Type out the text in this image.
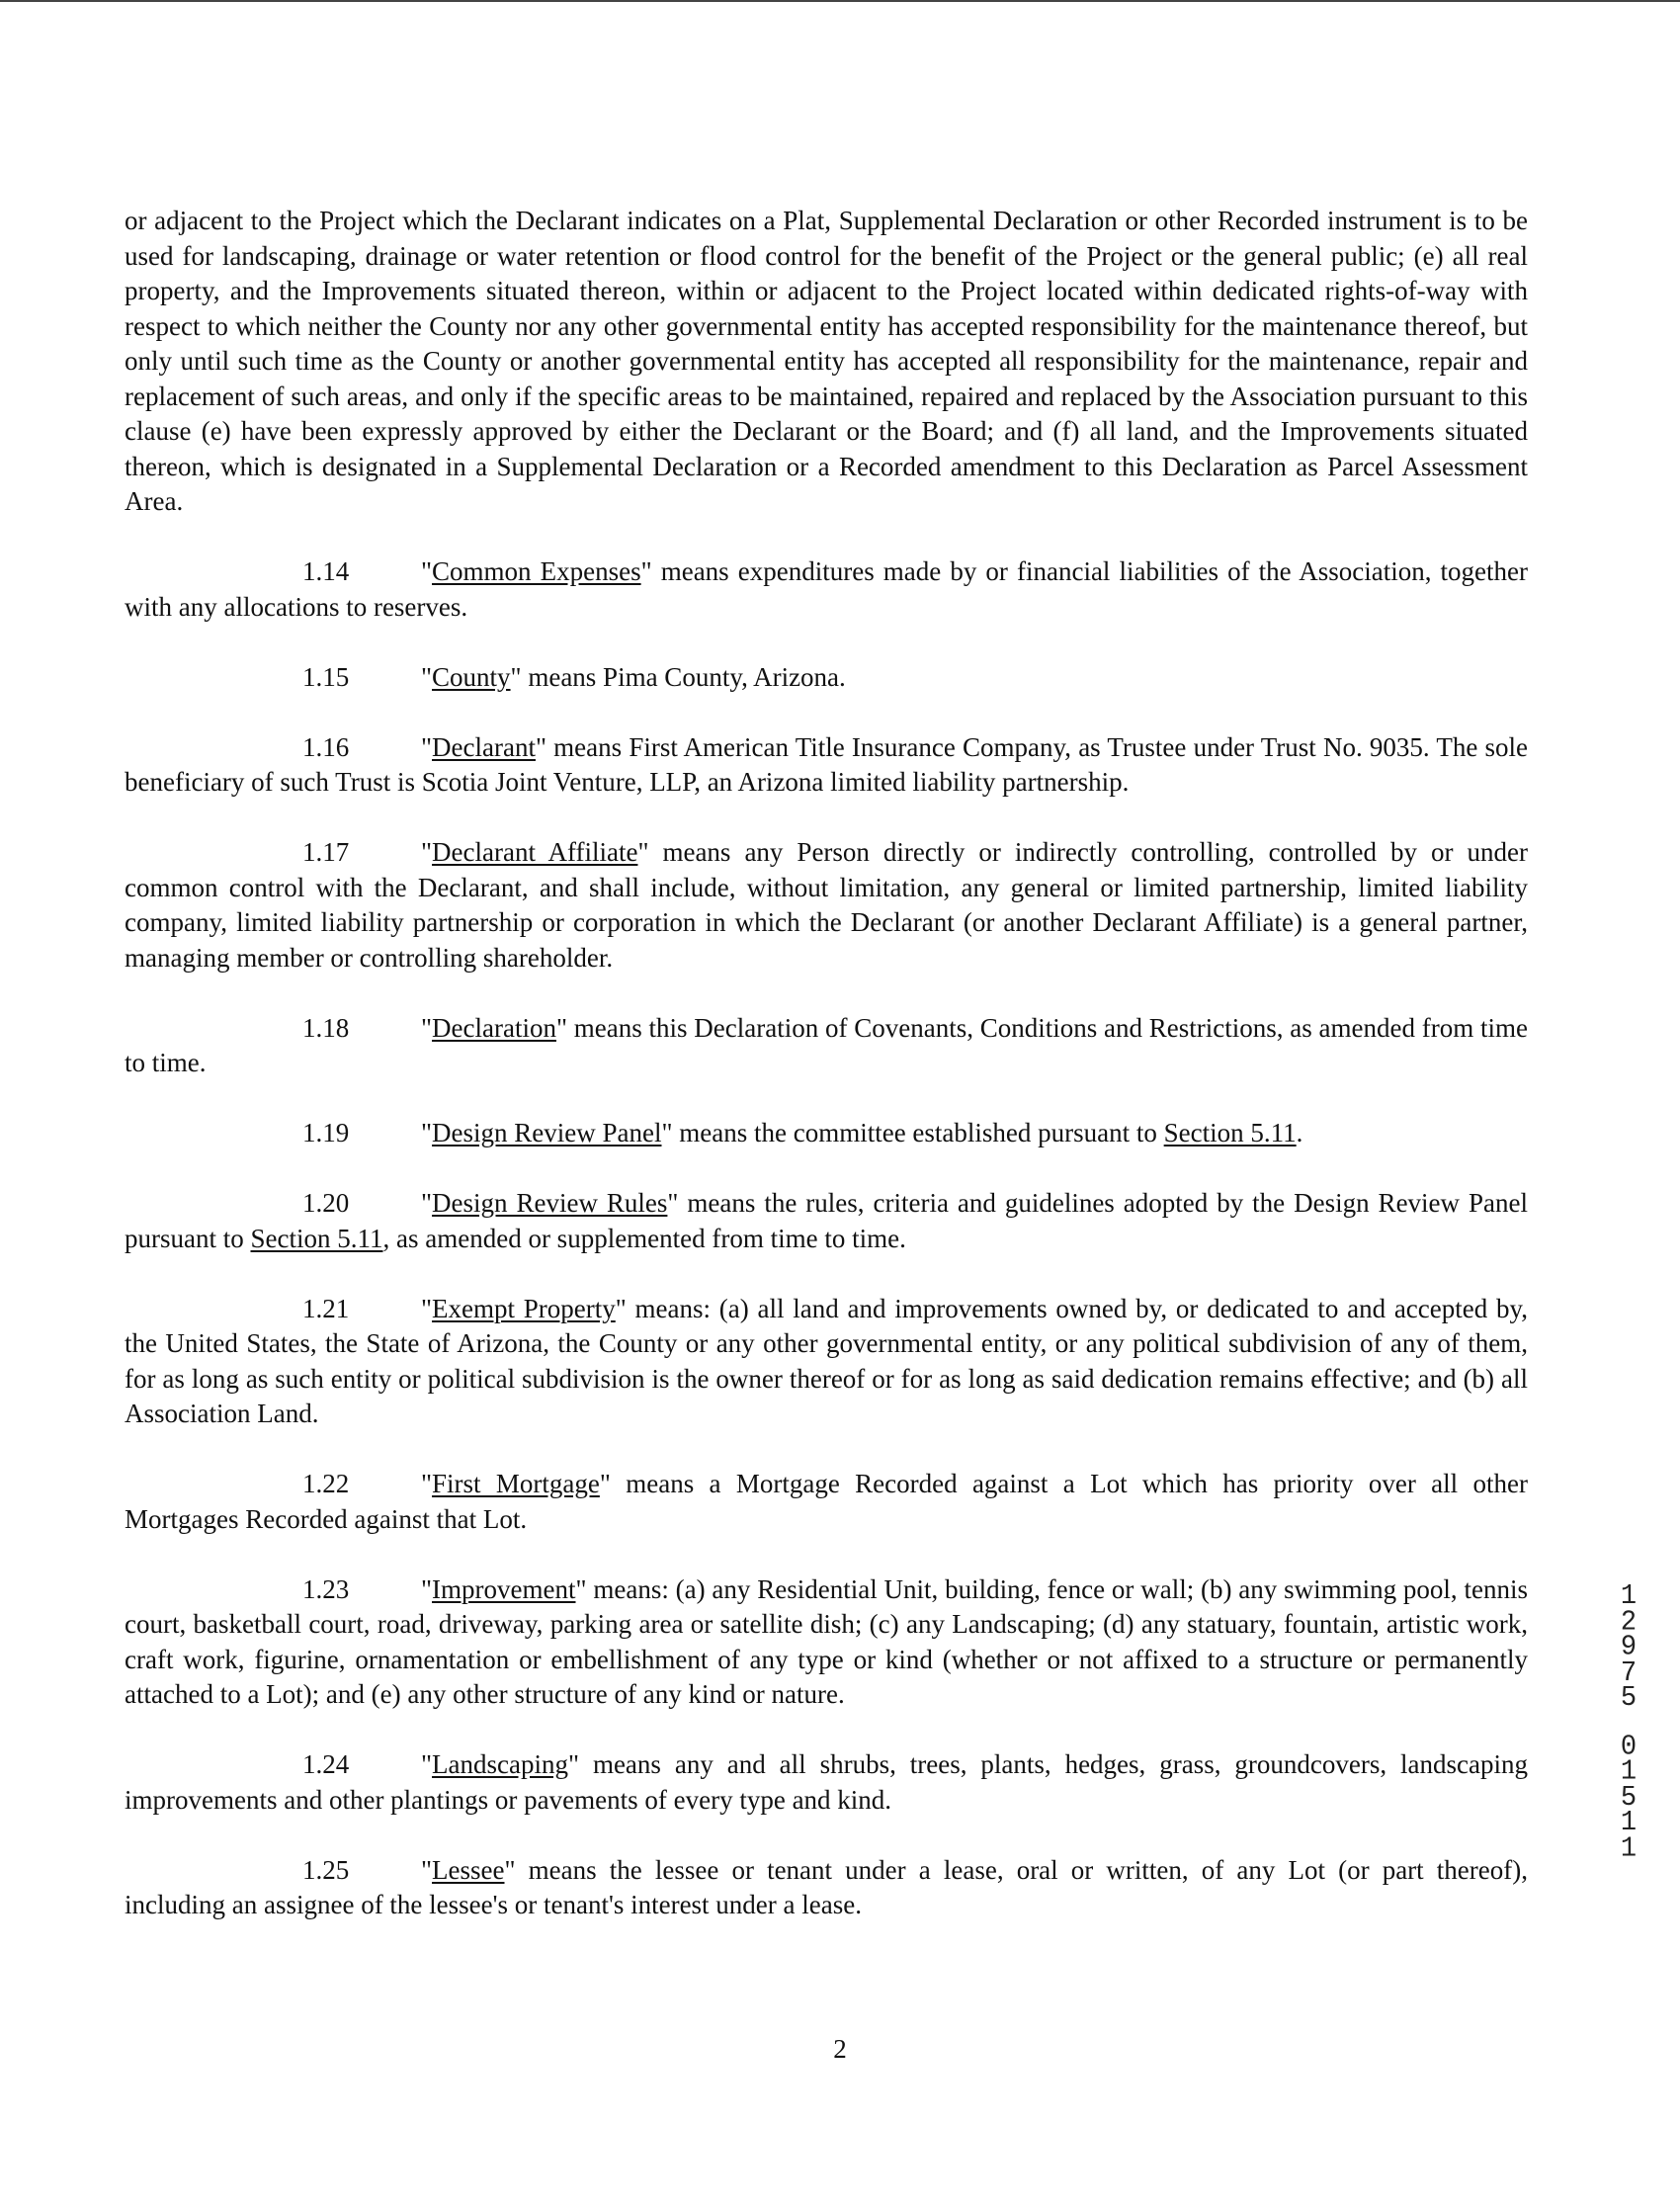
or adjacent to the Project which the Declarant indicates on a Plat, Supplemental Declaration or other Recorded instrument is to be used for landscaping, drainage or water retention or flood control for the benefit of the Project or the general public; (e) all real property, and the Improvements situated thereon, within or adjacent to the Project located within dedicated rights-of-way with respect to which neither the County nor any other governmental entity has accepted responsibility for the maintenance thereof, but only until such time as the County or another governmental entity has accepted all responsibility for the maintenance, repair and replacement of such areas, and only if the specific areas to be maintained, repaired and replaced by the Association pursuant to this clause (e) have been expressly approved by either the Declarant or the Board; and (f) all land, and the Improvements situated thereon, which is designated in a Supplemental Declaration or a Recorded amendment to this Declaration as Parcel Assessment Area.

1.14	"Common Expenses" means expenditures made by or financial liabilities of the Association, together with any allocations to reserves.

1.15	"County" means Pima County, Arizona.

1.16	"Declarant" means First American Title Insurance Company, as Trustee under Trust No. 9035. The sole beneficiary of such Trust is Scotia Joint Venture, LLP, an Arizona limited liability partnership.

1.17	"Declarant Affiliate" means any Person directly or indirectly controlling, controlled by or under common control with the Declarant, and shall include, without limitation, any general or limited partnership, limited liability company, limited liability partnership or corporation in which the Declarant (or another Declarant Affiliate) is a general partner, managing member or controlling shareholder.

1.18	"Declaration" means this Declaration of Covenants, Conditions and Restrictions, as amended from time to time.

1.19	"Design Review Panel" means the committee established pursuant to Section 5.11.

1.20	"Design Review Rules" means the rules, criteria and guidelines adopted by the Design Review Panel pursuant to Section 5.11, as amended or supplemented from time to time.

1.21	"Exempt Property" means: (a) all land and improvements owned by, or dedicated to and accepted by, the United States, the State of Arizona, the County or any other governmental entity, or any political subdivision of any of them, for as long as such entity or political subdivision is the owner thereof or for as long as said dedication remains effective; and (b) all Association Land.

1.22	"First Mortgage" means a Mortgage Recorded against a Lot which has priority over all other Mortgages Recorded against that Lot.

1.23	"Improvement" means: (a) any Residential Unit, building, fence or wall; (b) any swimming pool, tennis court, basketball court, road, driveway, parking area or satellite dish; (c) any Landscaping; (d) any statuary, fountain, artistic work, craft work, figurine, ornamentation or embellishment of any type or kind (whether or not affixed to a structure or permanently attached to a Lot); and (e) any other structure of any kind or nature.

1.24	"Landscaping" means any and all shrubs, trees, plants, hedges, grass, groundcovers, landscaping improvements and other plantings or pavements of every type and kind.

1.25	"Lessee" means the lessee or tenant under a lease, oral or written, of any Lot (or part thereof), including an assignee of the lessee's or tenant's interest under a lease.

2
1
2
9
7
5
0
1
5
1
1
